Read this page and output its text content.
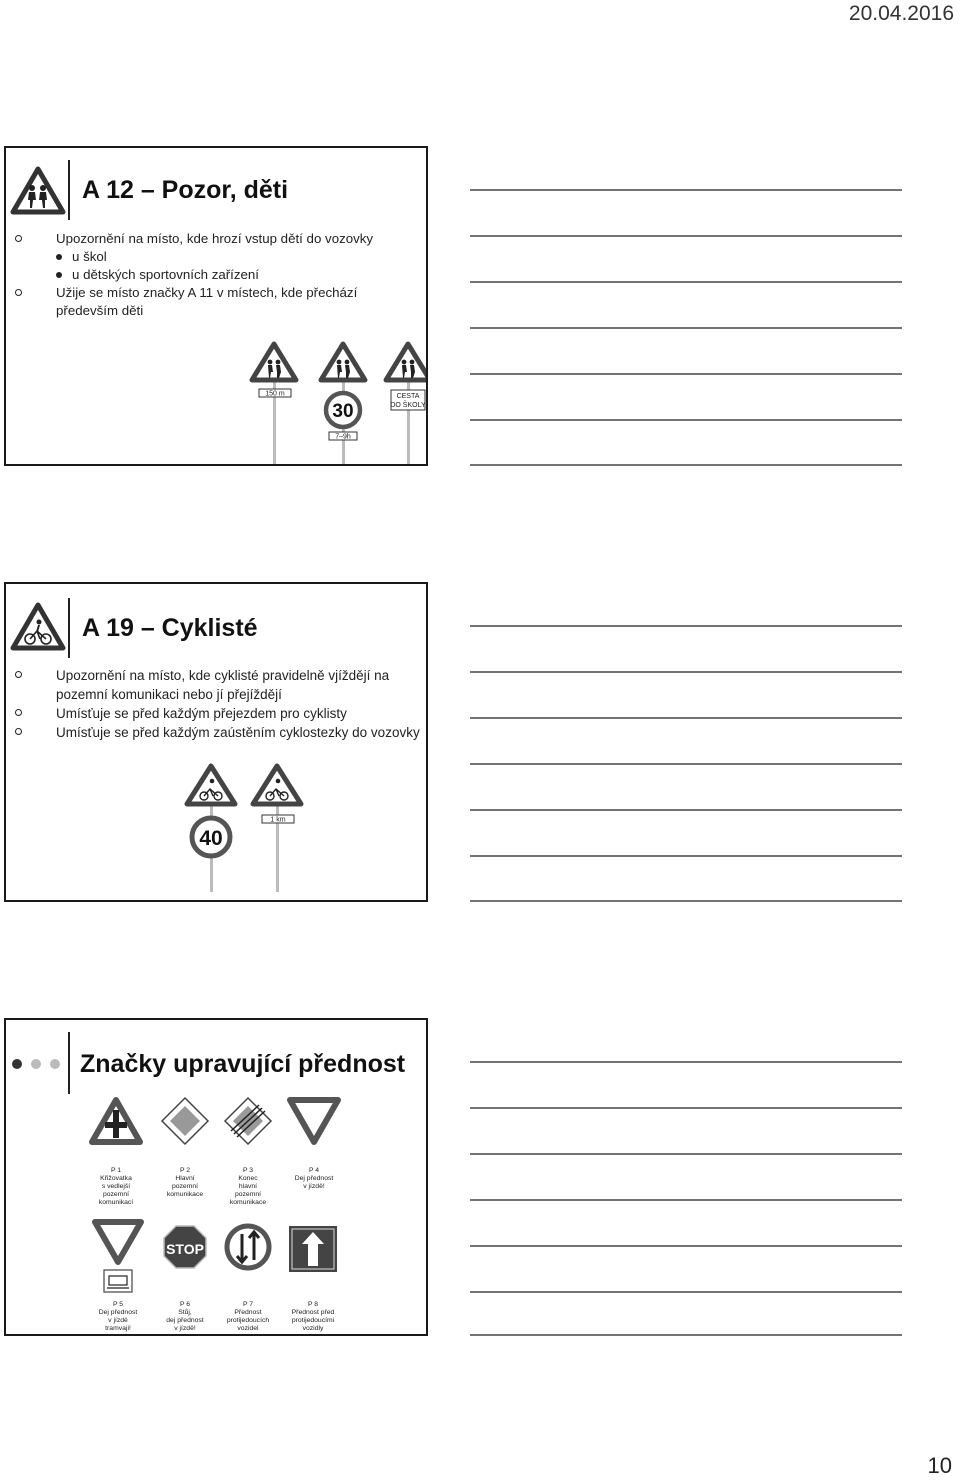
20.04.2016
A 12 – Pozor, děti
Upozornění na místo, kde hrozí vstup dětí do vozovky
u škol
u dětských sportovních zařízení
Užije se místo značky A 11 v místech, kde přechází především děti
150 m
30
7–9h
CESTA
DO ŠKOLY
A 19 – Cyklisté
Upozornění na místo, kde cyklisté pravidelně vjíždějí na pozemní komunikaci nebo jí přejíždějí
Umísťuje se před každým přejezdem pro cyklisty
Umísťuje se před každým zaústěním cyklostezky do vozovky
40
1 km
Značky upravující přednost
P 1
Křižovatka
s vedlejší
pozemní
komunikací
P 2
Hlavní
pozemní
komunikace
P 3
Konec
hlavní
pozemní
komunikace
P 4
Dej přednost
v jízdě!
STOP
P 5
Dej přednost
v jízdě
tramvaji!
P 6
Stůj,
dej přednost
v jízdě!
P 7
Přednost
protijedoucích
vozidel
P 8
Přednost před
protijedoucími
vozidly
10
